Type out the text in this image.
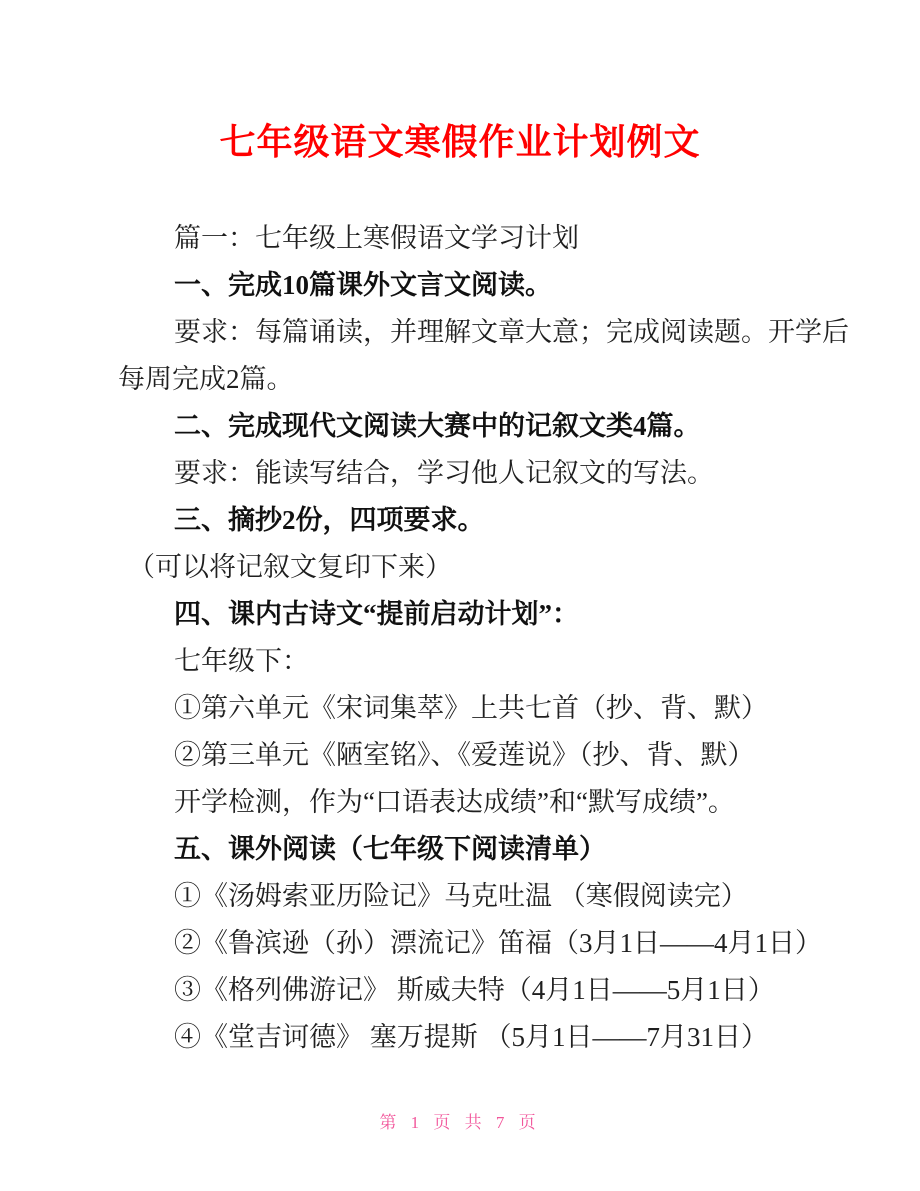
七年级语文寒假作业计划例文
篇一：七年级上寒假语文学习计划
一、完成10篇课外文言文阅读。
要求：每篇诵读，并理解文章大意；完成阅读题。开学后
每周完成2篇。
二、完成现代文阅读大赛中的记叙文类4篇。
要求：能读写结合，学习他人记叙文的写法。
三、摘抄2份，四项要求。
（可以将记叙文复印下来）
四、课内古诗文“提前启动计划”：
七年级下：
①第六单元《宋词集萃》上共七首（抄、背、默）
②第三单元《陋室铭》、《爱莲说》（抄、背、默）
开学检测，作为“口语表达成绩”和“默写成绩”。
五、课外阅读（七年级下阅读清单）
①《汤姆索亚历险记》马克吐温 （寒假阅读完）
②《鲁滨逊（孙）漂流记》笛福（3月1日——4月1日）
③《格列佛游记》 斯威夫特（4月1日——5月1日）
④《堂吉诃德》 塞万提斯 （5月1日——7月31日）
第 1 页 共 7 页
